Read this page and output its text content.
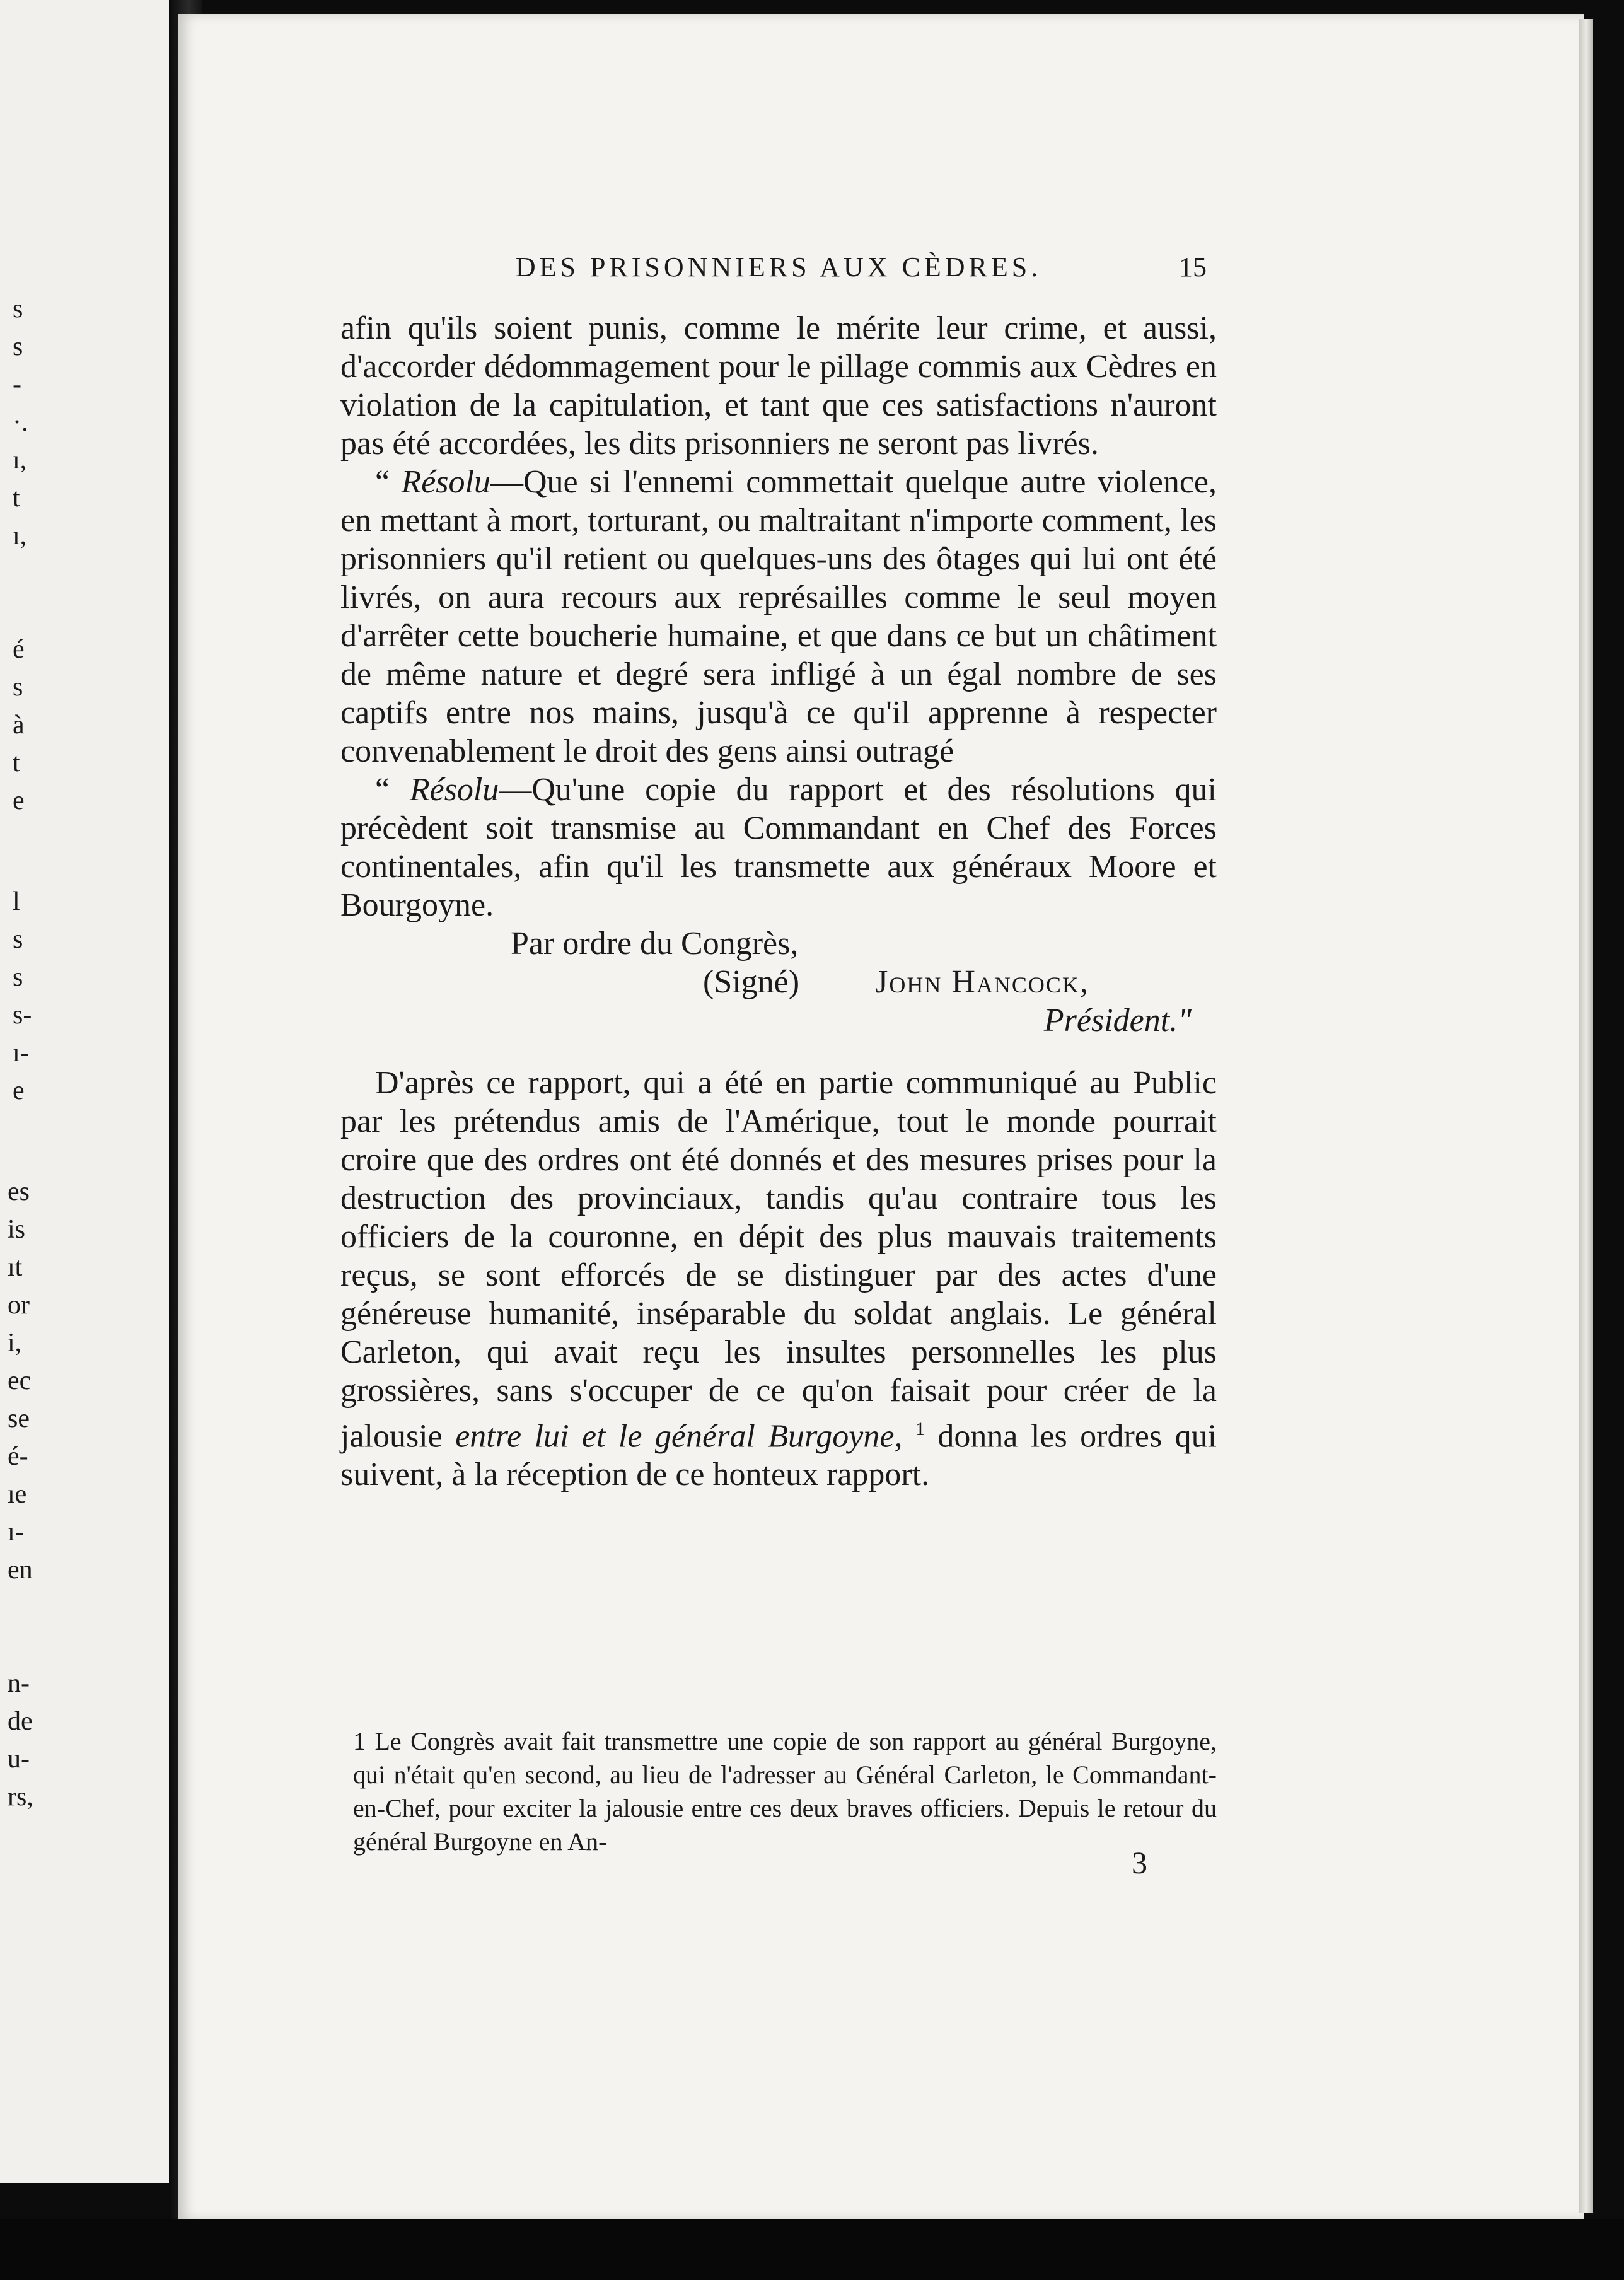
s
s
-
·.
ı,
t
ı,
é
s
à
t
e
l
s
s
s-
ı-
e
es
is
ıt
or
i,
ec
se
é-
ıe
ı-
en
n-
de
u-
rs,
DES PRISONNIERS AUX CÈDRES.	15

afin qu'ils soient punis, comme le mérite leur crime, et aussi, d'accorder dédommagement pour le pillage commis aux Cèdres en violation de la capitulation, et tant que ces satisfactions n'auront pas été accordées, les dits prisonniers ne seront pas livrés.

“ Résolu—Que si l'ennemi commettait quelque autre violence, en mettant à mort, torturant, ou maltraitant n'importe comment, les prisonniers qu'il retient ou quelques-uns des ôtages qui lui ont été livrés, on aura recours aux représailles comme le seul moyen d'arrêter cette boucherie humaine, et que dans ce but un châtiment de même nature et degré sera infligé à un égal nombre de ses captifs entre nos mains, jusqu'à ce qu'il apprenne à respecter convenablement le droit des gens ainsi outragé

“ Résolu—Qu'une copie du rapport et des résolutions qui précèdent soit transmise au Commandant en Chef des Forces continentales, afin qu'il les transmette aux généraux Moore et Bourgoyne.

Par ordre du Congrès,

(Signé) John Hancock,

Président."

D'après ce rapport, qui a été en partie communiqué au Public par les prétendus amis de l'Amérique, tout le monde pourrait croire que des ordres ont été donnés et des mesures prises pour la destruction des provinciaux, tandis qu'au contraire tous les officiers de la couronne, en dépit des plus mauvais traitements reçus, se sont efforcés de se distinguer par des actes d'une généreuse humanité, inséparable du soldat anglais. Le général Carleton, qui avait reçu les insultes personnelles les plus grossières, sans s'occuper de ce qu'on faisait pour créer de la jalousie entre lui et le général Burgoyne, $^1$ donna les ordres qui suivent, à la réception de ce honteux rapport.

1 Le Congrès avait fait transmettre une copie de son rapport au général Burgoyne, qui n'était qu'en second, au lieu de l'adresser au Général Carleton, le Commandant-en-Chef, pour exciter la jalousie entre ces deux braves officiers. Depuis le retour du général Burgoyne en An-
3
